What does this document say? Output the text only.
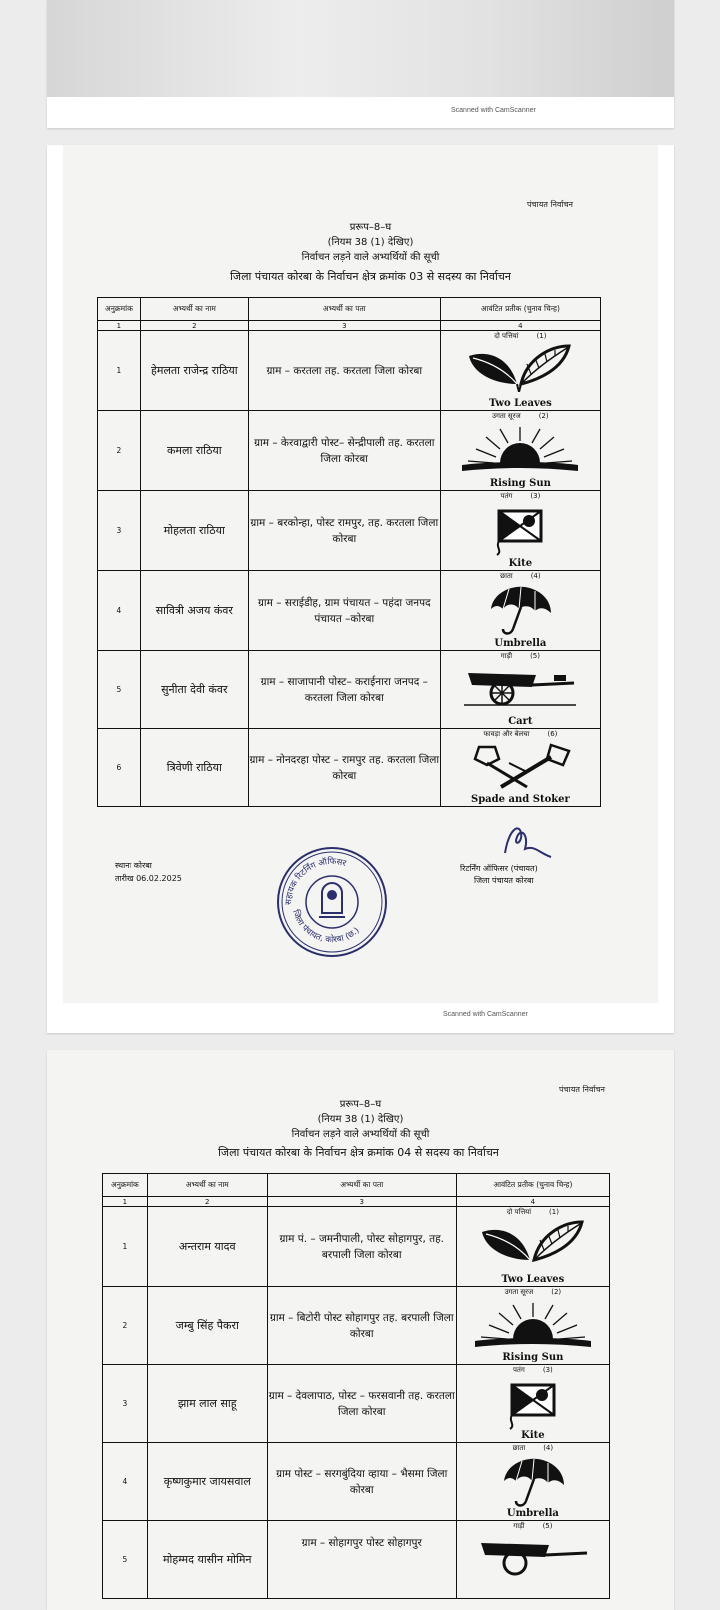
Scanned with CamScanner
पंचायत निर्वाचन
प्ररूप–8–घ
(नियम 38 (1) देखिए)
निर्वाचन लड़ने वाले अभ्यर्थियों की सूची
जिला पंचायत कोरबा के निर्वाचन क्षेत्र क्रमांक 03 से सदस्य का निर्वाचन
अनुक्रमांक	अभ्यर्थी का नाम	अभ्यर्थी का पता	आवंटित प्रतीक (चुनाव चिन्ह)
1	2	3	4
1	हेमलता राजेन्द्र राठिया	ग्राम – करतला तह. करतला जिला कोरबा	दो पत्तियां (1)
Two Leaves

2	कमला राठिया	ग्राम – केरवाद्वारी पोस्ट– सेन्द्रीपाली तह. करतला जिला कोरबा	उगता सूरज (2)
Rising Sun

3	मोहलता राठिया	ग्राम – बरकोन्हा, पोस्ट रामपुर, तह. करतला जिला कोरबा	पतंग (3)
Kite

4	सावित्री अजय कंवर	ग्राम – सराईडीह, ग्राम पंचायत – पहंदा जनपद पंचायत –कोरबा	छाता (4)
Umbrella

5	सुनीता देवी कंवर	ग्राम – साजापानी पोस्ट– कराईनारा जनपद – करतला जिला कोरबा	गाड़ी (5)
Cart

6	त्रिवेणी राठिया	ग्राम – नोनदरहा पोस्ट – रामपुर तह. करतला जिला कोरबा	फावड़ा और बेलचा (6)
Spade and Stoker
स्थानः कोरबा
तारीख 06.02.2025
सहायक रिटर्निंग ऑफिसर
जिला पंचायत, कोरबा (छ.)
रिटर्निंग ऑफिसर (पंचायत)
जिला पंचायत कोरबा
Scanned with CamScanner
पंचायत निर्वाचन
प्ररूप–8–घ
(नियम 38 (1) देखिए)
निर्वाचन लड़ने वाले अभ्यर्थियों की सूची
जिला पंचायत कोरबा के निर्वाचन क्षेत्र क्रमांक 04 से सदस्य का निर्वाचन
अनुक्रमांक	अभ्यर्थी का नाम	अभ्यर्थी का पता	आवंटित प्रतीक (चुनाव चिन्ह)
1	2	3	4
1	अन्तराम यादव	ग्राम पं. – जमनीपाली, पोस्ट सोहागपुर, तह. बरपाली जिला कोरबा	दो पत्तियां (1)
Two Leaves

2	जम्बु सिंह पैकरा	ग्राम – बिटोरी पोस्ट सोहागपुर तह. बरपाली जिला कोरबा	उगता सूरज (2)
Rising Sun

3	झाम लाल साहू	ग्राम – देवलापाठ, पोस्ट – फरसवानी तह. करतला जिला कोरबा	पतंग (3)
Kite

4	कृष्णकुमार जायसवाल	ग्राम पोस्ट – सरगबुंदिया व्हाया – भैसमा जिला कोरबा	छाता (4)
Umbrella

5	मोहम्मद यासीन मोमिन	ग्राम – सोहागपुर पोस्ट सोहागपुर	गाड़ी (5)
